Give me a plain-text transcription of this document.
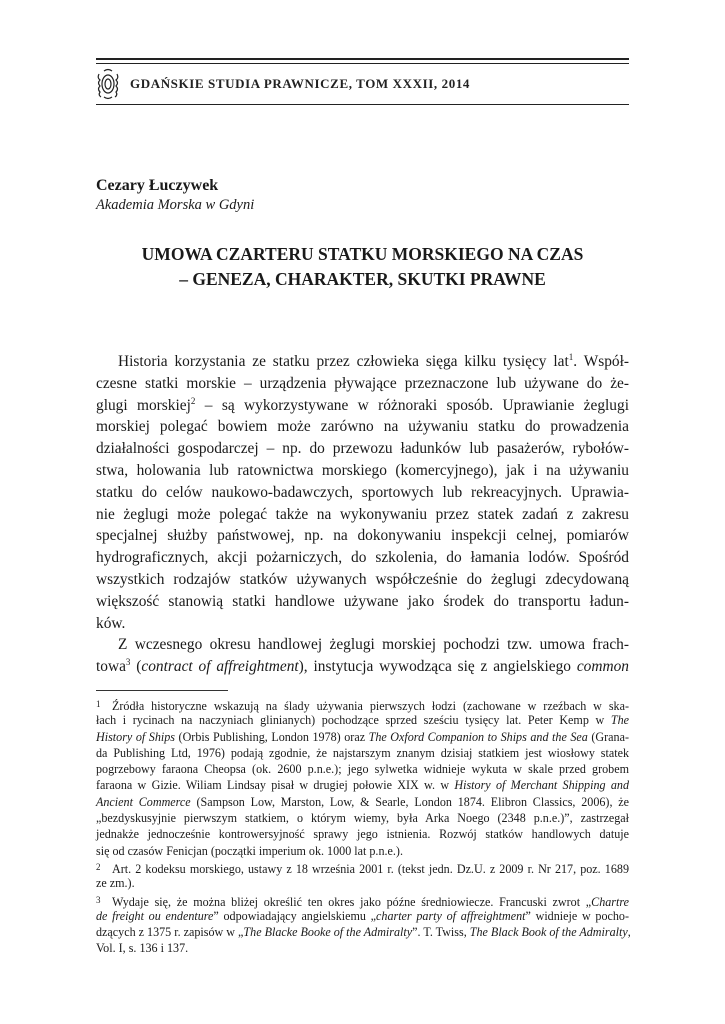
GDAŃSKIE STUDIA PRAWNICZE, TOM XXXII, 2014
Cezary Łuczywek
Akademia Morska w Gdyni
UMOWA CZARTERU STATKU MORSKIEGO NA CZAS
– GENEZA, CHARAKTER, SKUTKI PRAWNE

Historia korzystania ze statku przez człowieka sięga kilku tysięcy lat$^1$. Współ-
czesne statki morskie – urządzenia pływające przeznaczone lub używane do że-
glugi morskiej$^2$ – są wykorzystywane w różnoraki sposób. Uprawianie żeglugi
morskiej polegać bowiem może zarówno na używaniu statku do prowadzenia
działalności gospodarczej – np. do przewozu ładunków lub pasażerów, rybołów-
stwa, holowania lub ratownictwa morskiego (komercyjnego), jak i na używaniu
statku do celów naukowo-badawczych, sportowych lub rekreacyjnych. Uprawia-
nie żeglugi może polegać także na wykonywaniu przez statek zadań z zakresu
specjalnej służby państwowej, np. na dokonywaniu inspekcji celnej, pomiarów
hydrograficznych, akcji pożarniczych, do szkolenia, do łamania lodów. Spośród
wszystkich rodzajów statków używanych współcześnie do żeglugi zdecydowaną
większość stanowią statki handlowe używane jako środek do transportu ładun-
ków.

Z wczesnego okresu handlowej żeglugi morskiej pochodzi tzw. umowa frach-
towa$^3$ (contract of affreightment), instytucja wywodząca się z angielskiego common

1 Źródła historyczne wskazują na ślady używania pierwszych łodzi (zachowane w rzeźbach w ska-
łach i rycinach na naczyniach glinianych) pochodzące sprzed sześciu tysięcy lat. Peter Kemp w The
History of Ships (Orbis Publishing, London 1978) oraz The Oxford Companion to Ships and the Sea (Grana-
da Publishing Ltd, 1976) podają zgodnie, że najstarszym znanym dzisiaj statkiem jest wiosłowy statek
pogrzebowy faraona Cheopsa (ok. 2600 p.n.e.); jego sylwetka widnieje wykuta w skale przed grobem
faraona w Gizie. Wiliam Lindsay pisał w drugiej połowie XIX w. w History of Merchant Shipping and
Ancient Commerce (Sampson Low, Marston, Low, & Searle, London 1874. Elibron Classics, 2006), że
„bezdyskusyjnie pierwszym statkiem, o którym wiemy, była Arka Noego (2348 p.n.e.)”, zastrzegał
jednakże jednocześnie kontrowersyjność sprawy jego istnienia. Rozwój statków handlowych datuje
się od czasów Fenicjan (początki imperium ok. 1000 lat p.n.e.).
2 Art. 2 kodeksu morskiego, ustawy z 18 września 2001 r. (tekst jedn. Dz.U. z 2009 r. Nr 217, poz. 1689
ze zm.).
3 Wydaje się, że można bliżej określić ten okres jako późne średniowiecze. Francuski zwrot „Chartre
de freight ou endenture” odpowiadający angielskiemu „charter party of affreightment” widnieje w pocho-
dzących z 1375 r. zapisów w „The Blacke Booke of the Admiralty”. T. Twiss, The Black Book of the Admiralty,
Vol. I, s. 136 i 137.
